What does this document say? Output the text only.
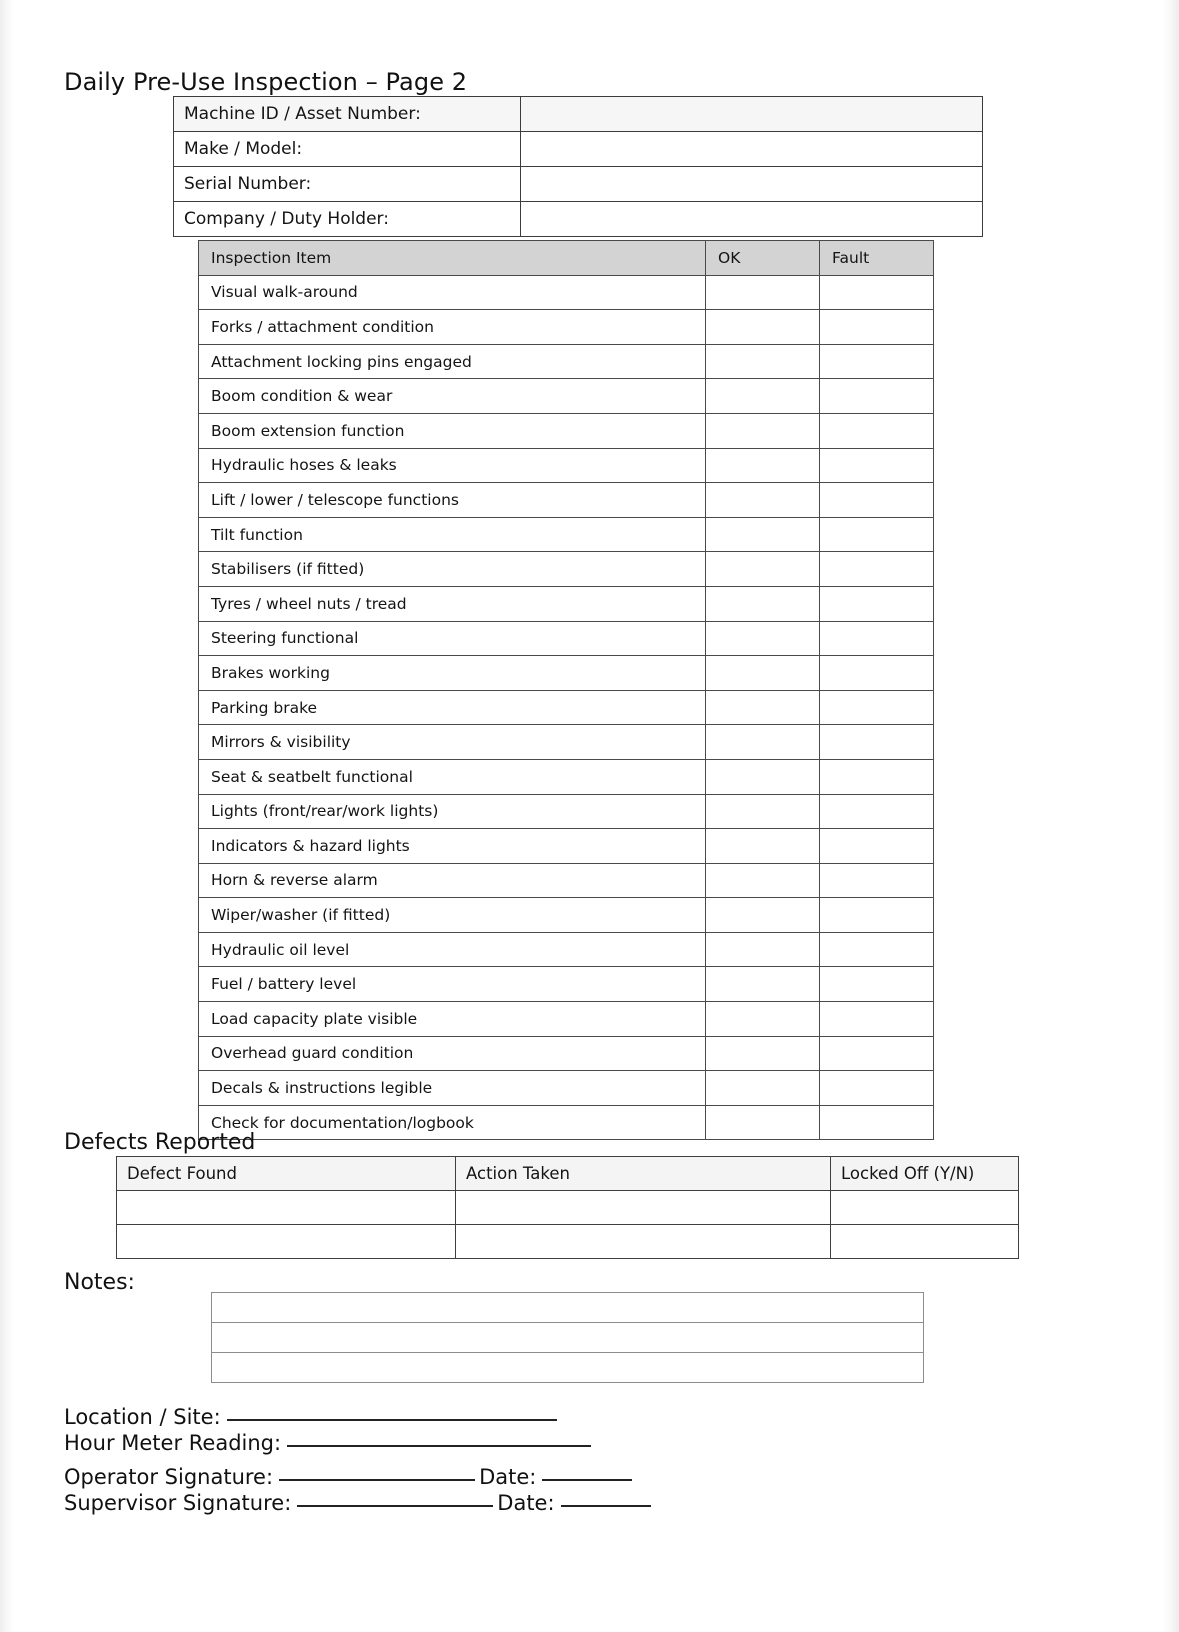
Daily Pre-Use Inspection – Page 2
Machine ID / Asset Number:	
Make / Model:	
Serial Number:	
Company / Duty Holder:	
Inspection Item	OK	Fault
Visual walk-around		
Forks / attachment condition		
Attachment locking pins engaged		
Boom condition & wear		
Boom extension function		
Hydraulic hoses & leaks		
Lift / lower / telescope functions		
Tilt function		
Stabilisers (if fitted)		
Tyres / wheel nuts / tread		
Steering functional		
Brakes working		
Parking brake		
Mirrors & visibility		
Seat & seatbelt functional		
Lights (front/rear/work lights)		
Indicators & hazard lights		
Horn & reverse alarm		
Wiper/washer (if fitted)		
Hydraulic oil level		
Fuel / battery level		
Load capacity plate visible		
Overhead guard condition		
Decals & instructions legible		
Check for documentation/logbook		
Defects Reported
Defect Found	Action Taken	Locked Off (Y/N)

Notes:

Location / Site:
Hour Meter Reading:
Operator Signature:	Date:
Supervisor Signature:	Date:
